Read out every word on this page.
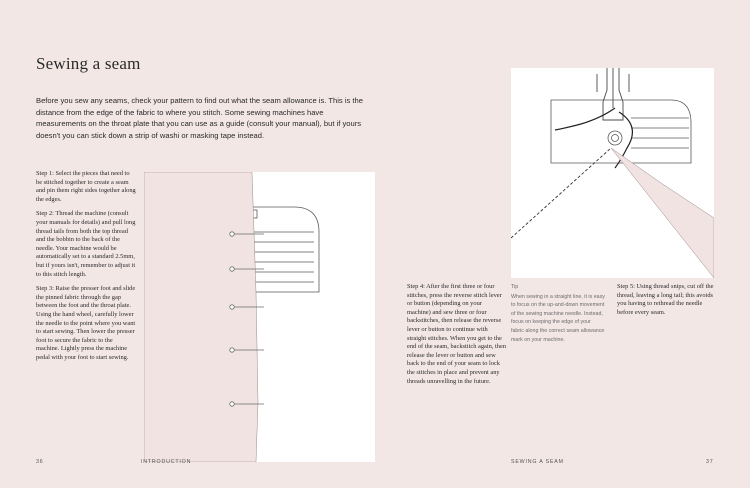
Sewing a seam

Before you sew any seams, check your pattern to find out what the seam allowance is. This is the distance from the edge of the fabric to where you stitch. Some sewing machines have measurements on the throat plate that you can use as a guide (consult your manual), but if yours doesn't you can stick down a strip of washi or masking tape instead.

Step 1: Select the pieces that need to be stitched together to create a seam and pin them right sides together along the edges.

Step 2: Thread the machine (consult your manuals for details) and pull long thread tails from both the top thread and the bobbin to the back of the needle. Your machine would be automatically set to a standard 2.5mm, but if yours isn't, remember to adjust it to this stitch length.

Step 3: Raise the presser foot and slide the pinned fabric through the gap between the foot and the throat plate. Using the hand wheel, carefully lower the needle to the point where you want to start sewing. Then lower the presser foot to secure the fabric to the machine. Lightly press the machine pedal with your foot to start sewing.

36	INTRODUCTION

Step 4: After the first three or four stitches, press the reverse stitch lever or button (depending on your machine) and sew three or four backstitches, then release the reverse lever or button to continue with straight stitches. When you get to the end of the seam, backstitch again, then release the lever or button and sew back to the end of your seam to lock the stitches in place and prevent any threads unravelling in the future.

Tip
When sewing in a straight line, it is easy to focus on the up-and-down movement of the sewing machine needle. Instead, focus on keeping the edge of your fabric along the correct seam allowance mark on your machine.

Step 5: Using thread snips, cut off the thread, leaving a long tail; this avoids you having to rethread the needle before every seam.

SEWING A SEAM	37
